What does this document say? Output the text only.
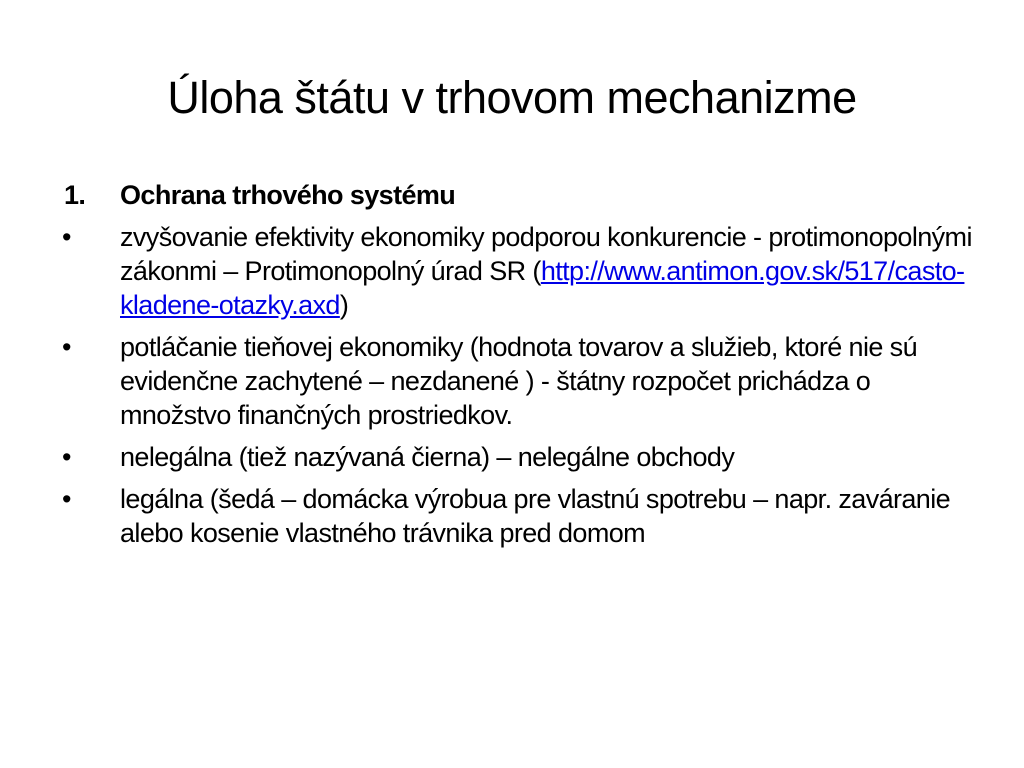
Úloha štátu v trhovom mechanizme
1. Ochrana trhového systému
• zvyšovanie efektivity ekonomiky podporou konkurencie - protimonopolnými zákonmi – Protimonopolný úrad SR (http://www.antimon.gov.sk/517/casto-kladene-otazky.axd)
• potláčanie tieňovej ekonomiky (hodnota tovarov a služieb, ktoré nie sú evidenčne zachytené – nezdanené ) - štátny rozpočet prichádza o množstvo finančných prostriedkov.
• nelegálna (tiež nazývaná čierna) – nelegálne obchody
• legálna (šedá – domácka výrobua pre vlastnú spotrebu – napr. zaváranie alebo kosenie vlastného trávnika pred domom
